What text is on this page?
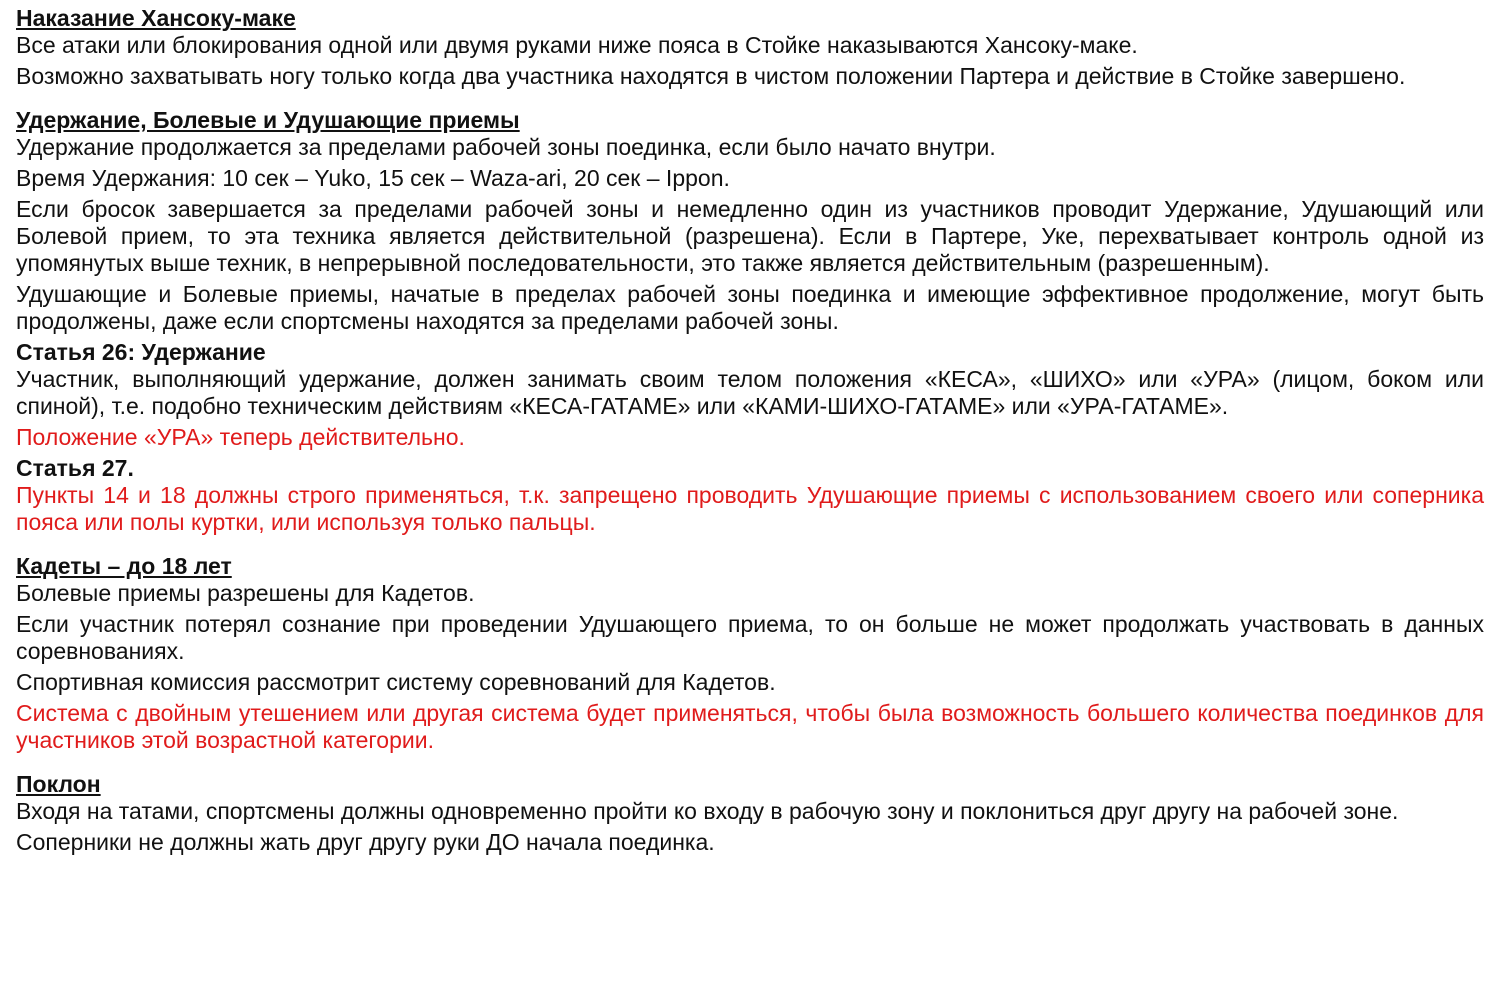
Наказание Хансоку-маке
Все атаки или блокирования одной или двумя руками ниже пояса в Стойке наказываются Хансоку-маке.
Возможно захватывать ногу только когда два участника находятся в чистом положении Партера и действие в Стойке завершено.
Удержание, Болевые и Удушающие приемы
Удержание продолжается за пределами рабочей зоны поединка, если было начато внутри.
Время Удержания: 10 сек – Yuko, 15 сек – Waza-ari, 20 сек – Ippon.
Если бросок завершается за пределами рабочей зоны и немедленно один из участников проводит Удержание, Удушающий или Болевой прием, то эта техника является действительной (разрешена). Если в Партере, Уке, перехватывает контроль одной из упомянутых выше техник, в непрерывной последовательности, это также является действительным (разрешенным).
Удушающие и Болевые приемы, начатые в пределах рабочей зоны поединка и имеющие эффективное продолжение, могут быть продолжены, даже если спортсмены находятся за пределами рабочей зоны.
Статья 26: Удержание
Участник, выполняющий удержание, должен занимать своим телом положения «КЕСА», «ШИХО» или «УРА» (лицом, боком или спиной), т.е. подобно техническим действиям «КЕСА-ГАТАМЕ» или «КАМИ-ШИХО-ГАТАМЕ» или «УРА-ГАТАМЕ».
Положение «УРА» теперь действительно.
Статья 27.
Пункты 14 и 18 должны строго применяться, т.к. запрещено проводить Удушающие приемы с использованием своего или соперника пояса или полы куртки, или используя только пальцы.
Кадеты – до 18 лет
Болевые приемы разрешены для Кадетов.
Если участник потерял сознание при проведении Удушающего приема, то он больше не может продолжать участвовать в данных соревнованиях.
Спортивная комиссия рассмотрит систему соревнований для Кадетов.
Система с двойным утешением или другая система будет применяться, чтобы была возможность большего количества поединков для участников этой возрастной категории.
Поклон
Входя на татами, спортсмены должны одновременно пройти ко входу в рабочую зону и поклониться друг другу на рабочей зоне.
Соперники не должны жать друг другу руки ДО начала поединка.
